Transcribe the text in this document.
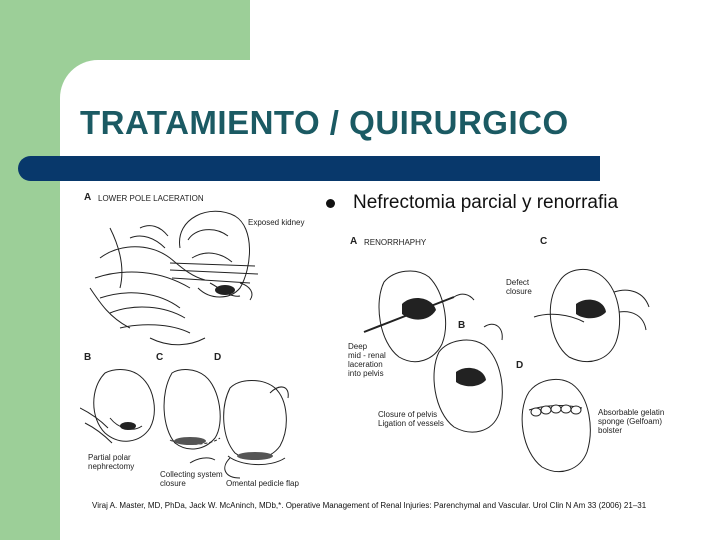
TRATAMIENTO / QUIRURGICO
Nefrectomia parcial y renorrafia
A LOWER POLE LACERATION
Exposed kidney
B	C	D
Partial polar
nephrectomy
Collecting system
closure	Omental pedicle flap
A RENORRHAPHY	C
Defect
closure
B
Deep
mid - renal
laceration
into pelvis
D
Closure of pelvis
Ligation of vessels
Absorbable gelatin
sponge (Gelfoam)
bolster
Viraj A. Master, MD, PhDa, Jack W. McAninch, MDb,*. Operative Management of Renal Injuries: Parenchymal and Vascular. Urol Clin N Am 33 (2006) 21–31
